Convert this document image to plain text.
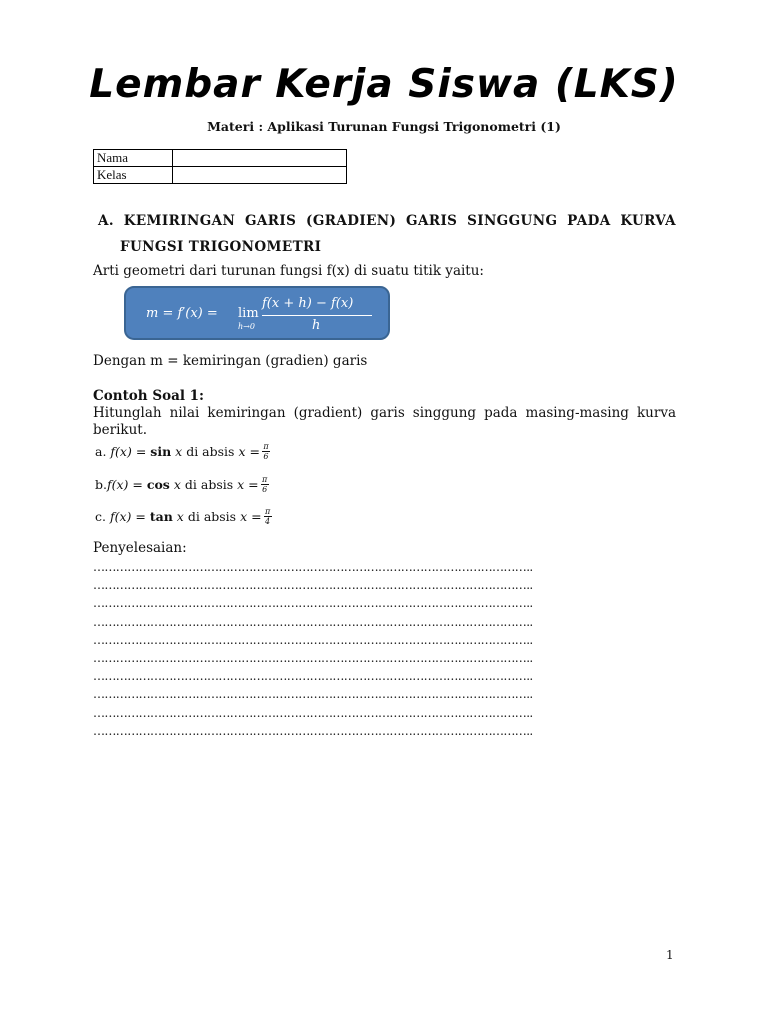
Lembar Kerja Siswa (LKS)
Materi : Aplikasi Turunan Fungsi Trigonometri (1)
Nama	
Kelas	
A. KEMIRINGAN GARIS (GRADIEN) GARIS SINGGUNG PADA KURVA
FUNGSI TRIGONOMETRI
Arti geometri dari turunan fungsi f(x) di suatu titik yaitu:
m = f′(x) = lim
h→0
f(x + h) − f(x)
h
Dengan m = kemiringan (gradien) garis
Contoh Soal 1:
Hitunglah nilai kemiringan (gradient) garis singgung pada masing-masing kurva berikut.
a.
f(x) =
sin
x
di absis
$x = \frac{\pi}{6}$
b. f(x) =
cos
x
di absis
$x = \frac{\pi}{6}$
c.
f(x) =
tan
x
di absis
$x = \frac{\pi}{4}$
Penyelesaian:
……………………………………………………………………………………………………..
……………………………………………………………………………………………………..
……………………………………………………………………………………………………..
……………………………………………………………………………………………………..
……………………………………………………………………………………………………..
……………………………………………………………………………………………………..
……………………………………………………………………………………………………..
……………………………………………………………………………………………………..
……………………………………………………………………………………………………..
……………………………………………………………………………………………………..
1
